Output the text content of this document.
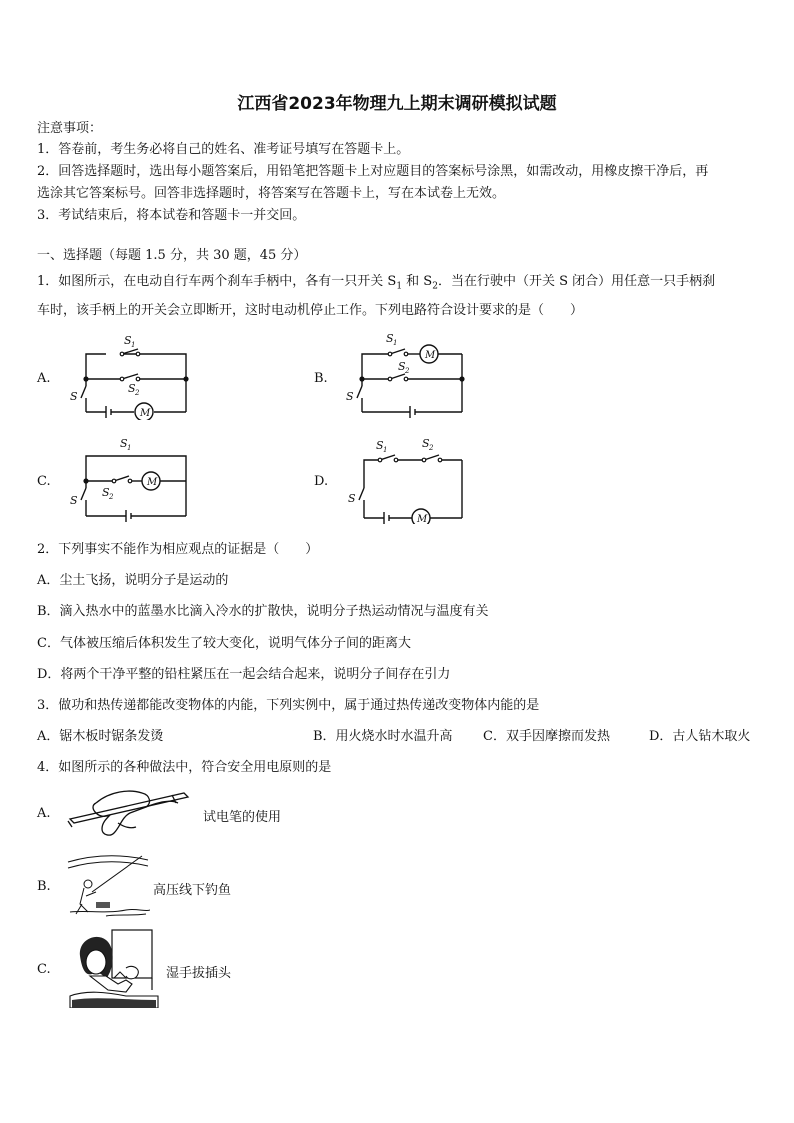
江西省2023年物理九上期末调研模拟试题
注意事项：
1．答卷前，考生务必将自己的姓名、准考证号填写在答题卡上。
2．回答选择题时，选出每小题答案后，用铅笔把答题卡上对应题目的答案标号涂黑，如需改动，用橡皮擦干净后，再
选涂其它答案标号。回答非选择题时，将答案写在答题卡上，写在本试卷上无效。
3．考试结束后，将本试卷和答题卡一并交回。
一、选择题（每题 1.5 分，共 30 题，45 分）
1．如图所示，在电动自行车两个刹车手柄中，各有一只开关 $S_1$ 和 $S_2$．当在行驶中（开关 S 闭合）用任意一只手柄刹
车时，该手柄上的开关会立即断开，这时电动机停止工作。下列电路符合设计要求的是（　　）
A.
M
S 1
S 2
S
B.
M
S 1
S 2
S
C.	M
S 1
S 2
S
D.
M
S 1	S 2
S
2．下列事实不能作为相应观点的证据是（　　）
A．尘土飞扬，说明分子是运动的
B．滴入热水中的蓝墨水比滴入冷水的扩散快，说明分子热运动情况与温度有关
C．气体被压缩后体积发生了较大变化，说明气体分子间的距离大
D．将两个干净平整的铅柱紧压在一起会结合起来，说明分子间存在引力
3．做功和热传递都能改变物体的内能，下列实例中，属于通过热传递改变物体内能的是
A．锯木板时锯条发烫	B．用火烧水时水温升高 C．双手因摩擦而发热	D．古人钻木取火
4．如图所示的各种做法中，符合安全用电原则的是
A.	试电笔的使用
B.	高压线下钓鱼
C.	湿手拔插头
